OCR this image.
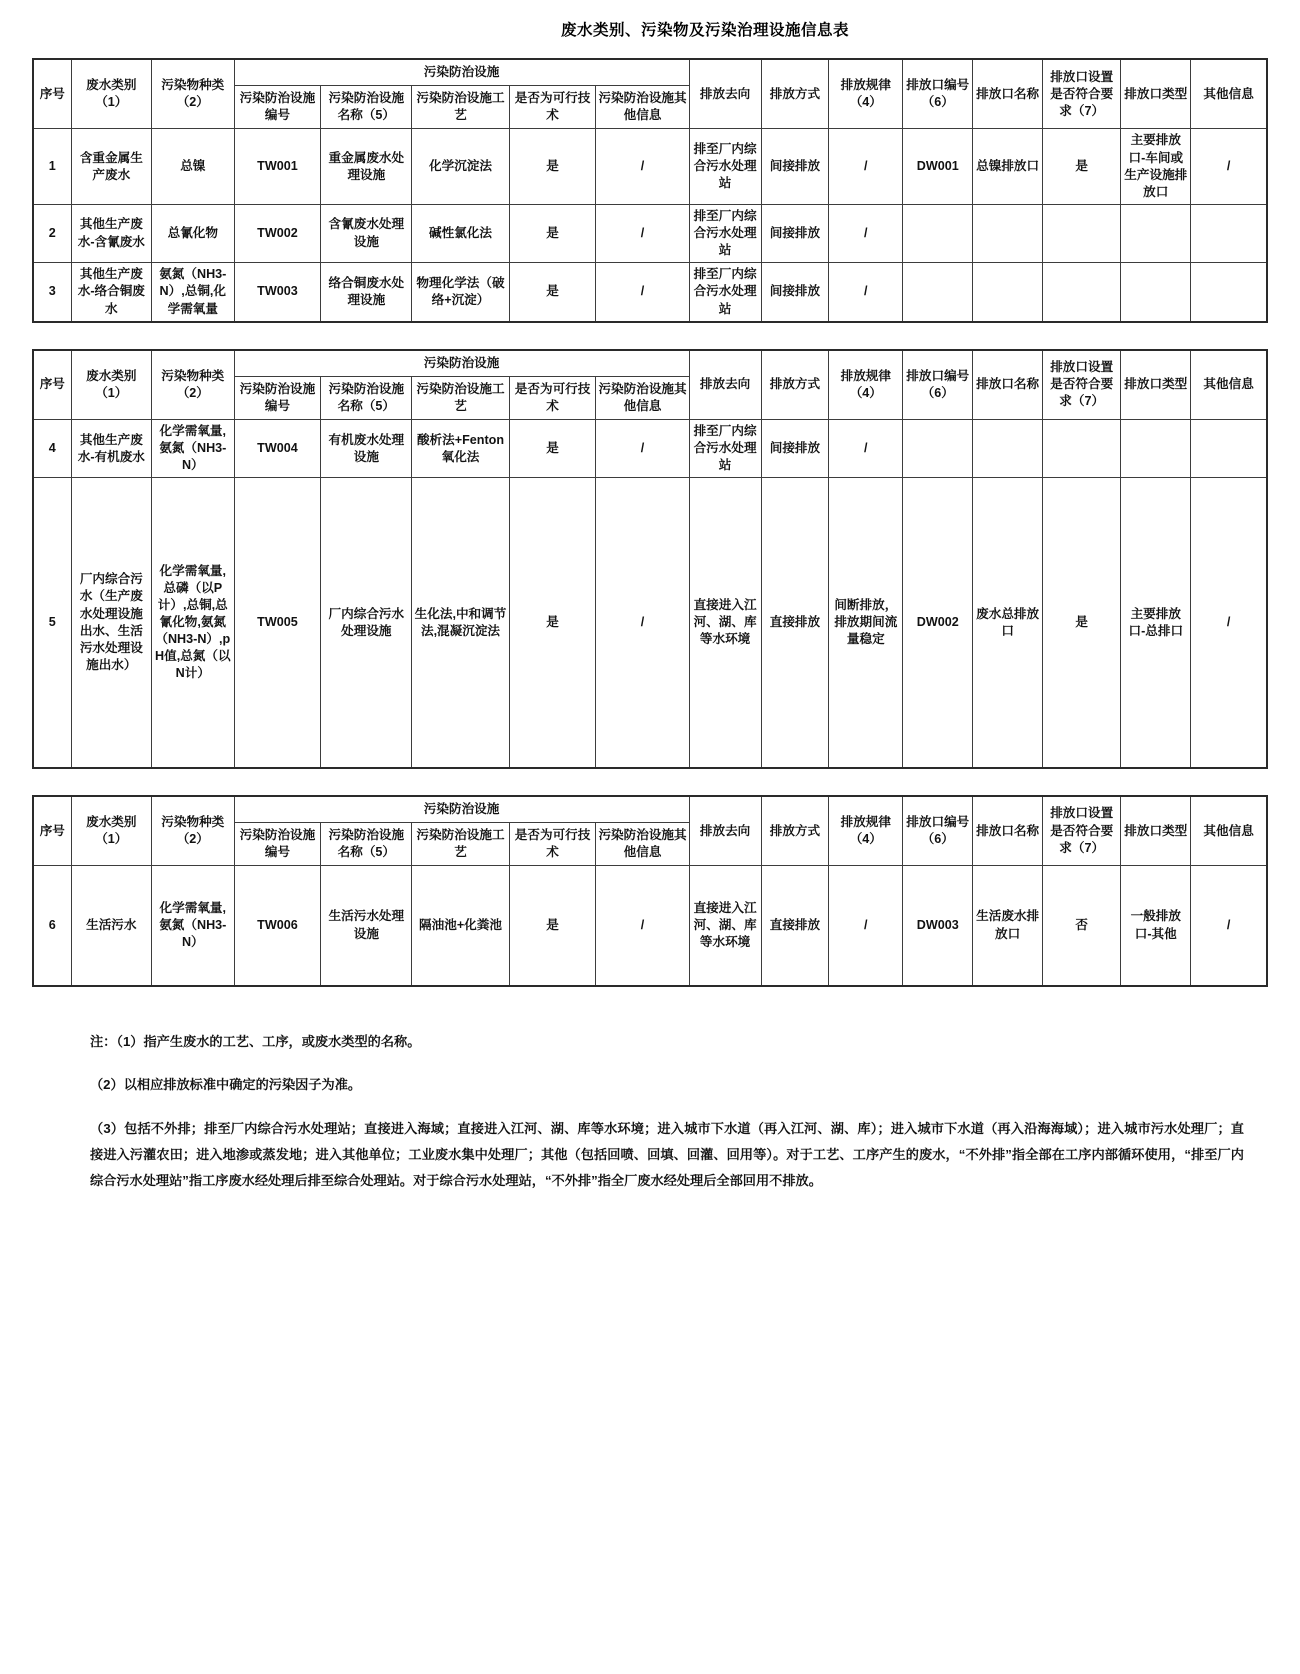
废水类别、污染物及污染治理设施信息表
序号	废水类别（1）	污染物种类（2）	污染防治设施					排放去向	排放方式	排放规律（4）	排放口编号（6）	排放口名称	排放口设置是否符合要求（7）	排放口类型	其他信息
			污染防治设施编号	污染防治设施名称（5）	污染防治设施工艺	是否为可行技术	污染防治设施其他信息								
1	含重金属生产废水	总镍	TW001	重金属废水处理设施	化学沉淀法	是	/	排至厂内综合污水处理站	间接排放	/	DW001	总镍排放口	是	主要排放口-车间或生产设施排放口	/
2	其他生产废水-含氰废水	总氰化物	TW002	含氰废水处理设施	碱性氯化法	是	/	排至厂内综合污水处理站	间接排放	/					
3	其他生产废水-络合铜废水	氨氮（NH3-N）,总铜,化学需氧量	TW003	络合铜废水处理设施	物理化学法（破络+沉淀）	是	/	排至厂内综合污水处理站	间接排放	/					
序号	废水类别（1）	污染物种类（2）	污染防治设施					排放去向	排放方式	排放规律（4）	排放口编号（6）	排放口名称	排放口设置是否符合要求（7）	排放口类型	其他信息
			污染防治设施编号	污染防治设施名称（5）	污染防治设施工艺	是否为可行技术	污染防治设施其他信息								
4	其他生产废水-有机废水	化学需氧量,氨氮（NH3-N）	TW004	有机废水处理设施	酸析法+Fenton氧化法	是	/	排至厂内综合污水处理站	间接排放	/					
5	厂内综合污水（生产废水处理设施出水、生活污水处理设施出水）	化学需氧量,总磷（以P计）,总铜,总氰化物,氨氮（NH3-N）,pH值,总氮（以N计）	TW005	厂内综合污水处理设施	生化法,中和调节法,混凝沉淀法	是	/	直接进入江河、湖、库等水环境	直接排放	间断排放，排放期间流量稳定	DW002	废水总排放口	是	主要排放口-总排口	/
序号	废水类别（1）	污染物种类（2）	污染防治设施					排放去向	排放方式	排放规律（4）	排放口编号（6）	排放口名称	排放口设置是否符合要求（7）	排放口类型	其他信息
			污染防治设施编号	污染防治设施名称（5）	污染防治设施工艺	是否为可行技术	污染防治设施其他信息								
6	生活污水	化学需氧量,氨氮（NH3-N）	TW006	生活污水处理设施	隔油池+化粪池	是	/	直接进入江河、湖、库等水环境	直接排放	/	DW003	生活废水排放口	否	一般排放口-其他	/

注：（1）指产生废水的工艺、工序，或废水类型的名称。

（2）以相应排放标准中确定的污染因子为准。

（3）包括不外排；排至厂内综合污水处理站；直接进入海域；直接进入江河、湖、库等水环境；进入城市下水道（再入江河、湖、库）；进入城市下水道（再入沿海海域）；进入城市污水处理厂；直接进入污灌农田；进入地渗或蒸发地；进入其他单位；工业废水集中处理厂；其他（包括回喷、回填、回灌、回用等）。对于工艺、工序产生的废水，“不外排”指全部在工序内部循环使用，“排至厂内综合污水处理站”指工序废水经处理后排至综合处理站。对于综合污水处理站，“不外排”指全厂废水经处理后全部回用不排放。
